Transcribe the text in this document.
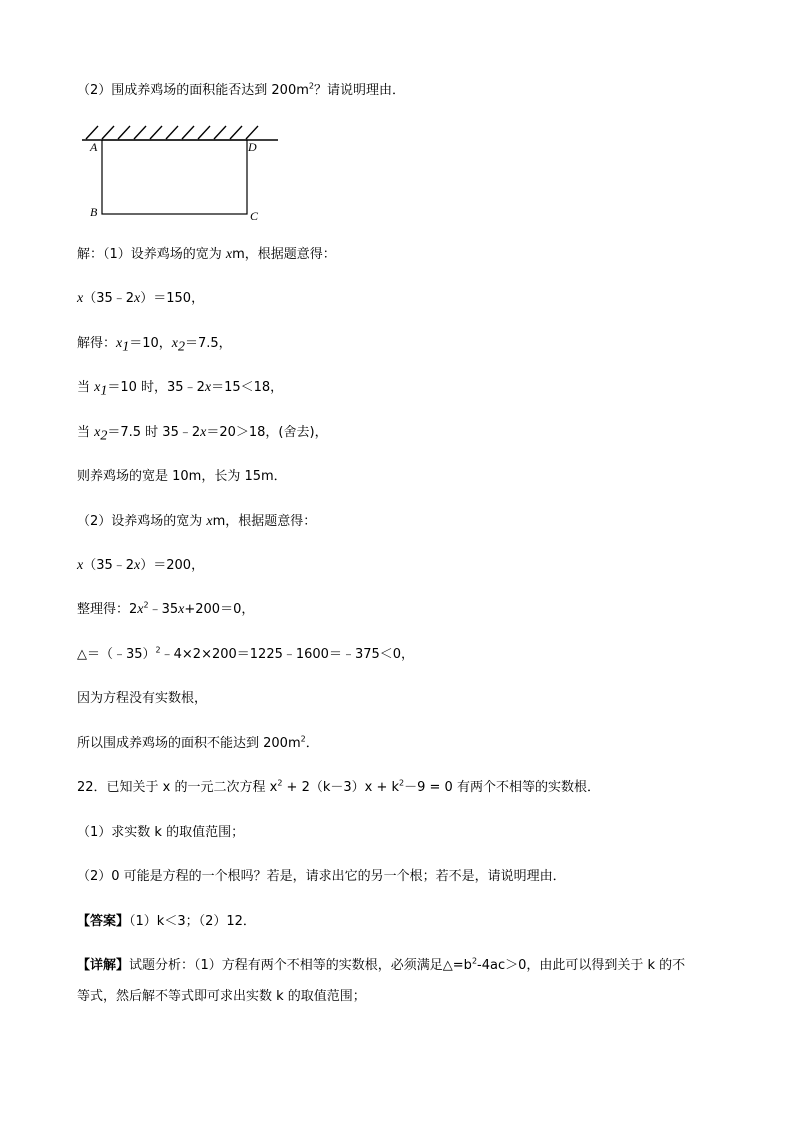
（2）围成养鸡场的面积能否达到 $200m^2$？请说明理由．
A
B	C
D
解：（1）设养鸡场的宽为 xm，根据题意得：
x（35﹣2x）＝150，
解得：$x_1=10$，$x_2=7.5$，
当 $x_1=10$ 时，35﹣2x＝15＜18，
当 $x_2=7.5$ 时 35﹣2x＝20＞18，(舍去)，
则养鸡场的宽是 10m，长为 15m．
（2）设养鸡场的宽为 xm，根据题意得：
x（35﹣2x）＝200，
整理得：$2x^2﹣35x+200=0$，
△＝（﹣35）$^2$﹣4×2×200＝1225﹣1600＝﹣375＜0，
因为方程没有实数根，
所以围成养鸡场的面积不能达到 $200m^2$．
22．已知关于 x 的一元二次方程 $x^2 + 2(k-3)x + k^2-9 = 0$ 有两个不相等的实数根．
（1）求实数 k 的取值范围；
（2）0 可能是方程的一个根吗？若是，请求出它的另一个根；若不是，请说明理由．
【答案】（1）k＜3；（2）12．
【详解】试题分析：（1）方程有两个不相等的实数根，必须满足$\triangle=b^2-4ac>0$，由此可以得到关于 k 的不
等式，然后解不等式即可求出实数 k 的取值范围；
